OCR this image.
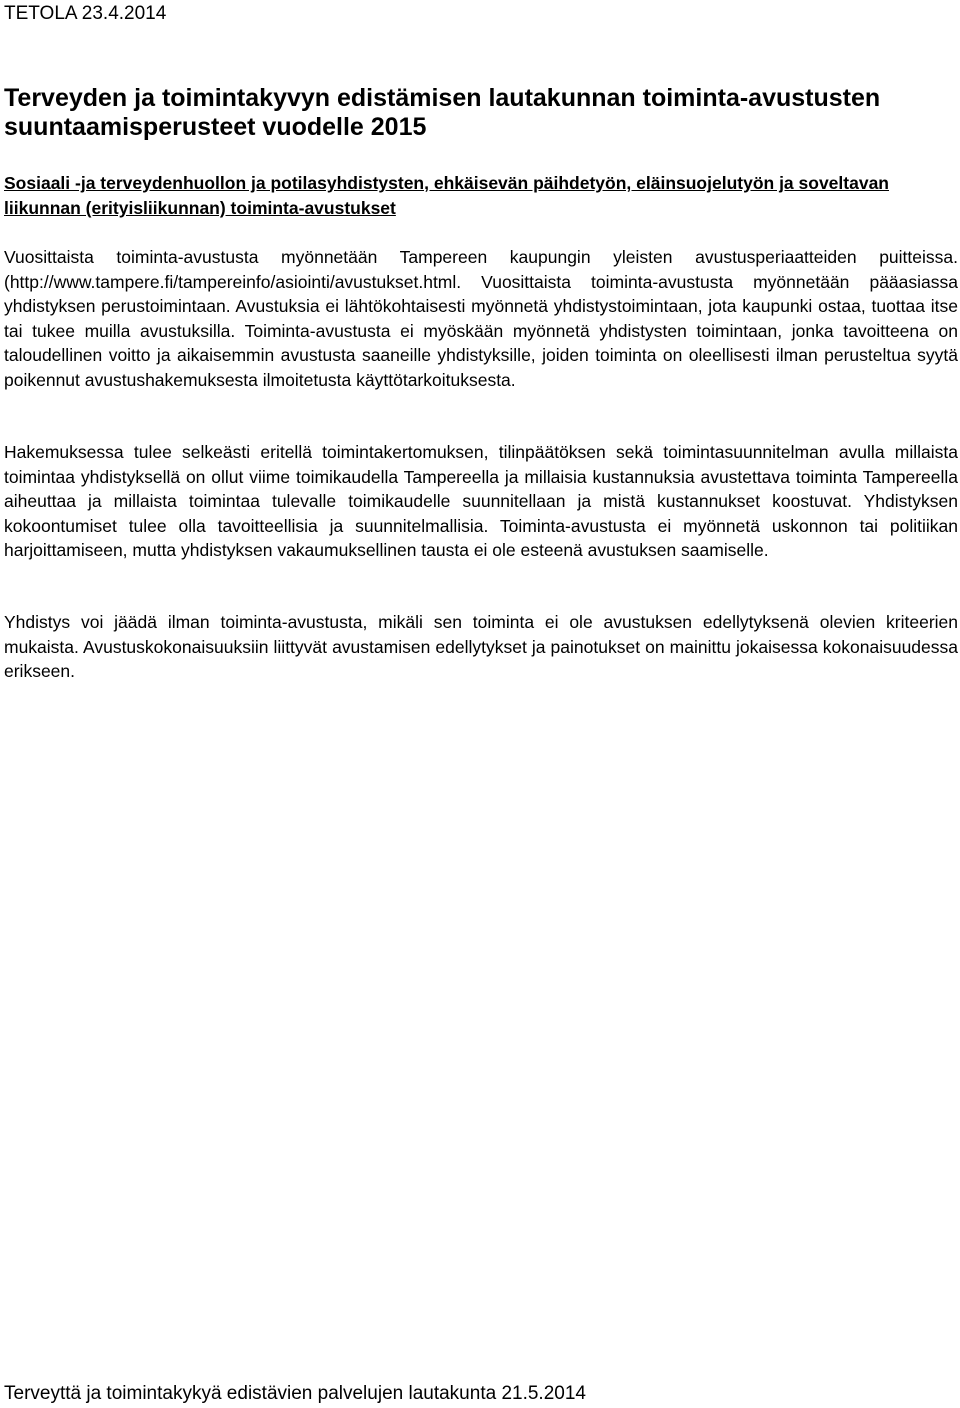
TETOLA 23.4.2014
Terveyden ja toimintakyvyn edistämisen lautakunnan toiminta-avustusten suuntaamisperusteet vuodelle 2015
Sosiaali -ja terveydenhuollon ja potilasyhdistysten, ehkäisevän päihdetyön, eläinsuojelutyön ja soveltavan liikunnan (erityisliikunnan) toiminta-avustukset

Vuosittaista toiminta-avustusta myönnetään Tampereen kaupungin yleisten avustusperiaatteiden puitteissa. (http://www.tampere.fi/tampereinfo/asiointi/avustukset.html. Vuosittaista toiminta-avustusta myönnetään pääasiassa yhdistyksen perustoimintaan. Avustuksia ei lähtökohtaisesti myönnetä yhdistystoimintaan, jota kaupunki ostaa, tuottaa itse tai tukee muilla avustuksilla. Toiminta-avustusta ei myöskään myönnetä yhdistysten toimintaan, jonka tavoitteena on taloudellinen voitto ja aikaisemmin avustusta saaneille yhdistyksille, joiden toiminta on oleellisesti ilman perusteltua syytä poikennut avustushakemuksesta ilmoitetusta käyttötarkoituksesta.

Hakemuksessa tulee selkeästi eritellä toimintakertomuksen, tilinpäätöksen sekä toimintasuunnitelman avulla millaista toimintaa yhdistyksellä on ollut viime toimikaudella Tampereella ja millaisia kustannuksia avustettava toiminta Tampereella aiheuttaa ja millaista toimintaa tulevalle toimikaudelle suunnitellaan ja mistä kustannukset koostuvat. Yhdistyksen kokoontumiset tulee olla tavoitteellisia ja suunnitelmallisia. Toiminta-avustusta ei myönnetä uskonnon tai politiikan harjoittamiseen, mutta yhdistyksen vakaumuksellinen tausta ei ole esteenä avustuksen saamiselle.

Yhdistys voi jäädä ilman toiminta-avustusta, mikäli sen toiminta ei ole avustuksen edellytyksenä olevien kriteerien mukaista. Avustuskokonaisuuksiin liittyvät avustamisen edellytykset ja painotukset on mainittu jokaisessa kokonaisuudessa erikseen.

Terveyttä ja toimintakykyä edistävien palvelujen lautakunta 21.5.2014
